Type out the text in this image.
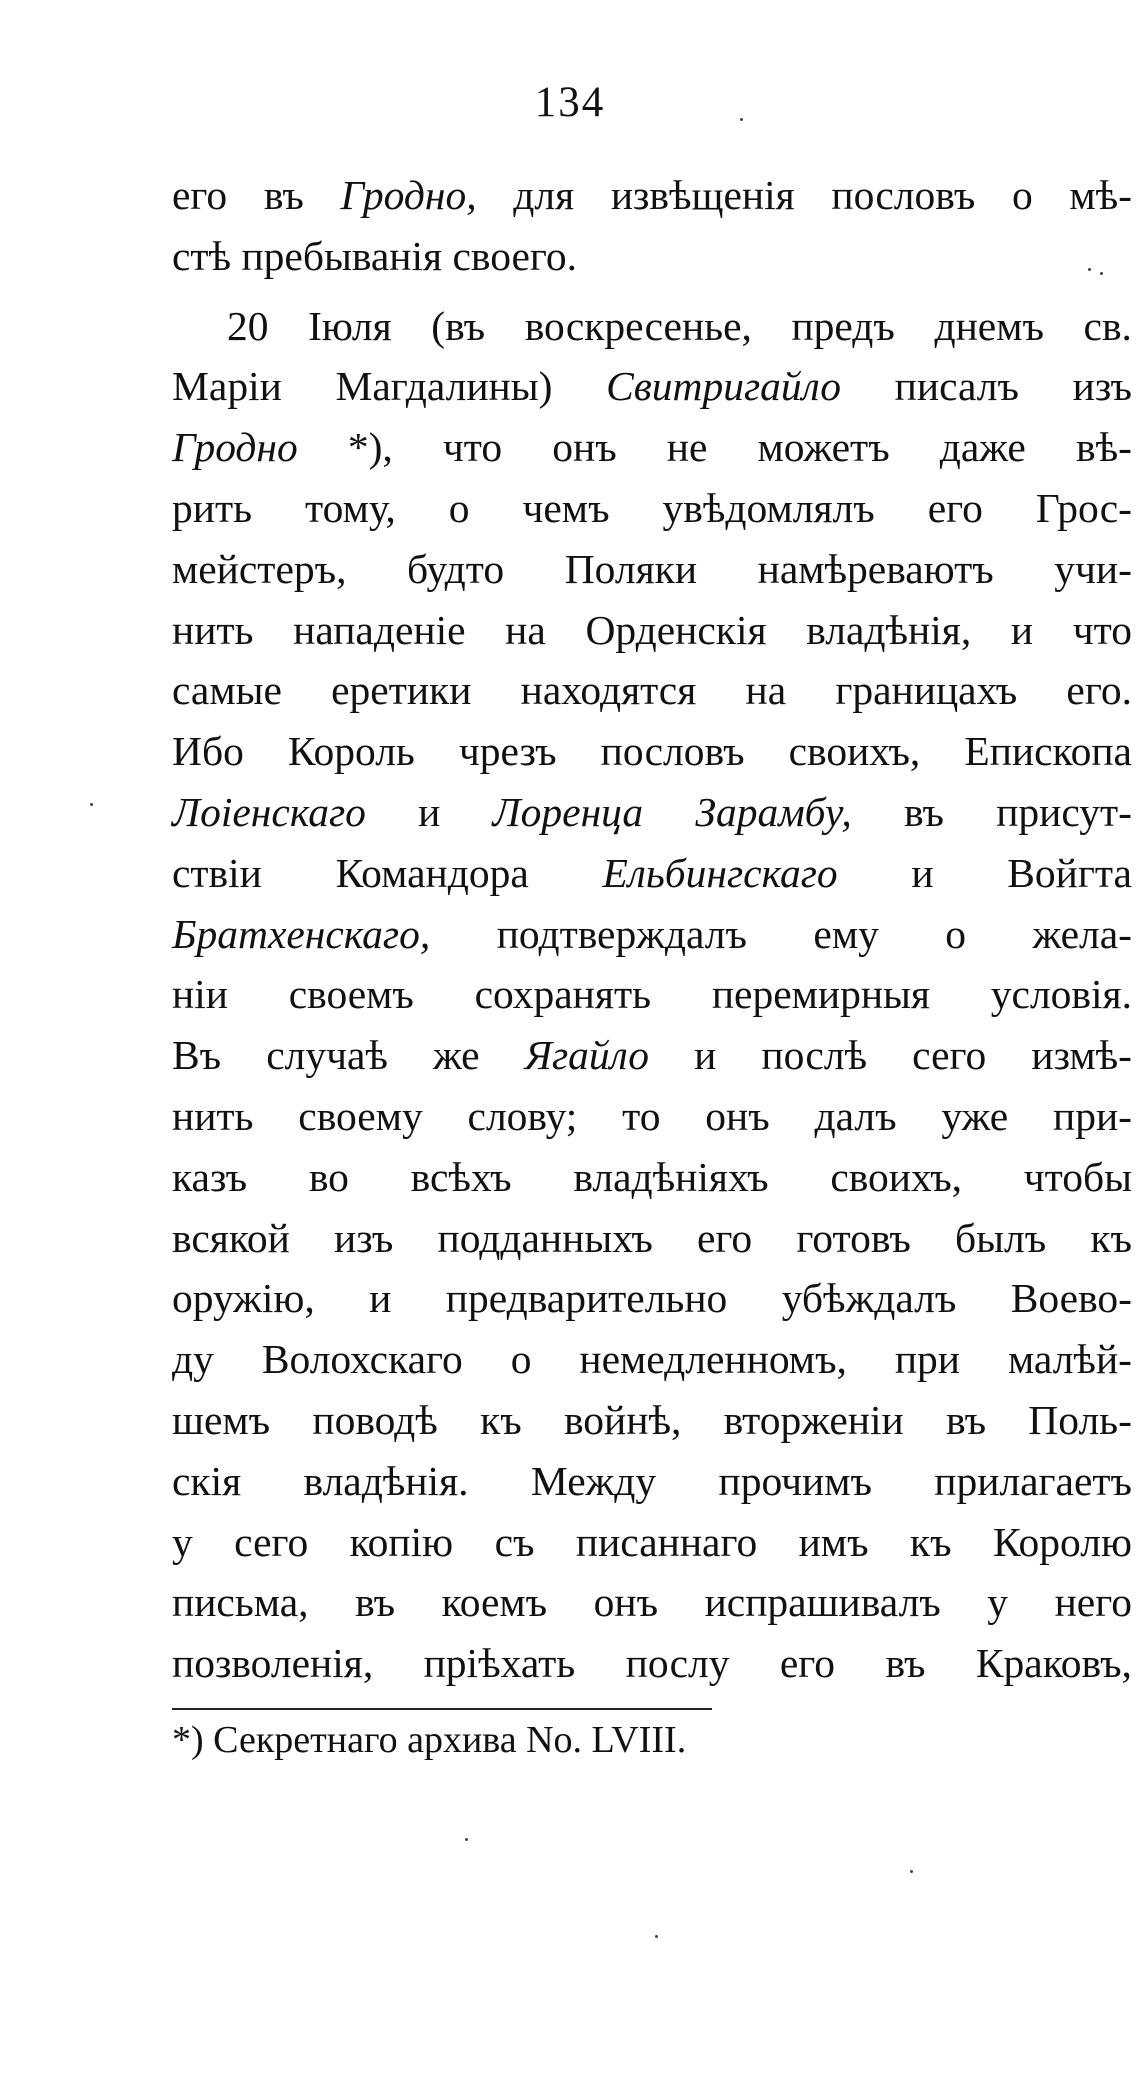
134
его въ Гродно, для извѣщенія пословъ о мѣ-
стѣ пребыванія своего.
20 Іюля (въ воскресенье, предъ днемъ св.
Маріи Магдалины) Свитригайло писалъ изъ
Гродно *), что онъ не можетъ даже вѣ-
рить тому, о чемъ увѣдомлялъ его Грос-
мейстеръ, будто Поляки намѣреваютъ учи-
нить нападеніе на Орденскія владѣнія, и что
самые еретики находятся на границахъ его.
Ибо Король чрезъ пословъ своихъ, Епископа
Лоіенскаго и Лоренца Зарамбу, въ присут-
ствіи Командора Ельбингскаго и Войгта
Братхенскаго, подтверждалъ ему о жела-
ніи своемъ сохранять перемирныя условія.
Въ случаѣ же Ягайло и послѣ сего измѣ-
нить своему слову; то онъ далъ уже при-
казъ во всѣхъ владѣніяхъ своихъ, чтобы
всякой изъ подданныхъ его готовъ былъ къ
оружію, и предварительно убѣждалъ Воево-
ду Волохскаго о немедленномъ, при малѣй-
шемъ поводѣ къ войнѣ, вторженіи въ Поль-
скія владѣнія. Между прочимъ прилагаетъ
у сего копію съ писаннаго имъ къ Королю
письма, въ коемъ онъ испрашивалъ у него
позволенія, пріѣхать послу его въ Краковъ,
*) Секретнаго архива No. LVIII.
